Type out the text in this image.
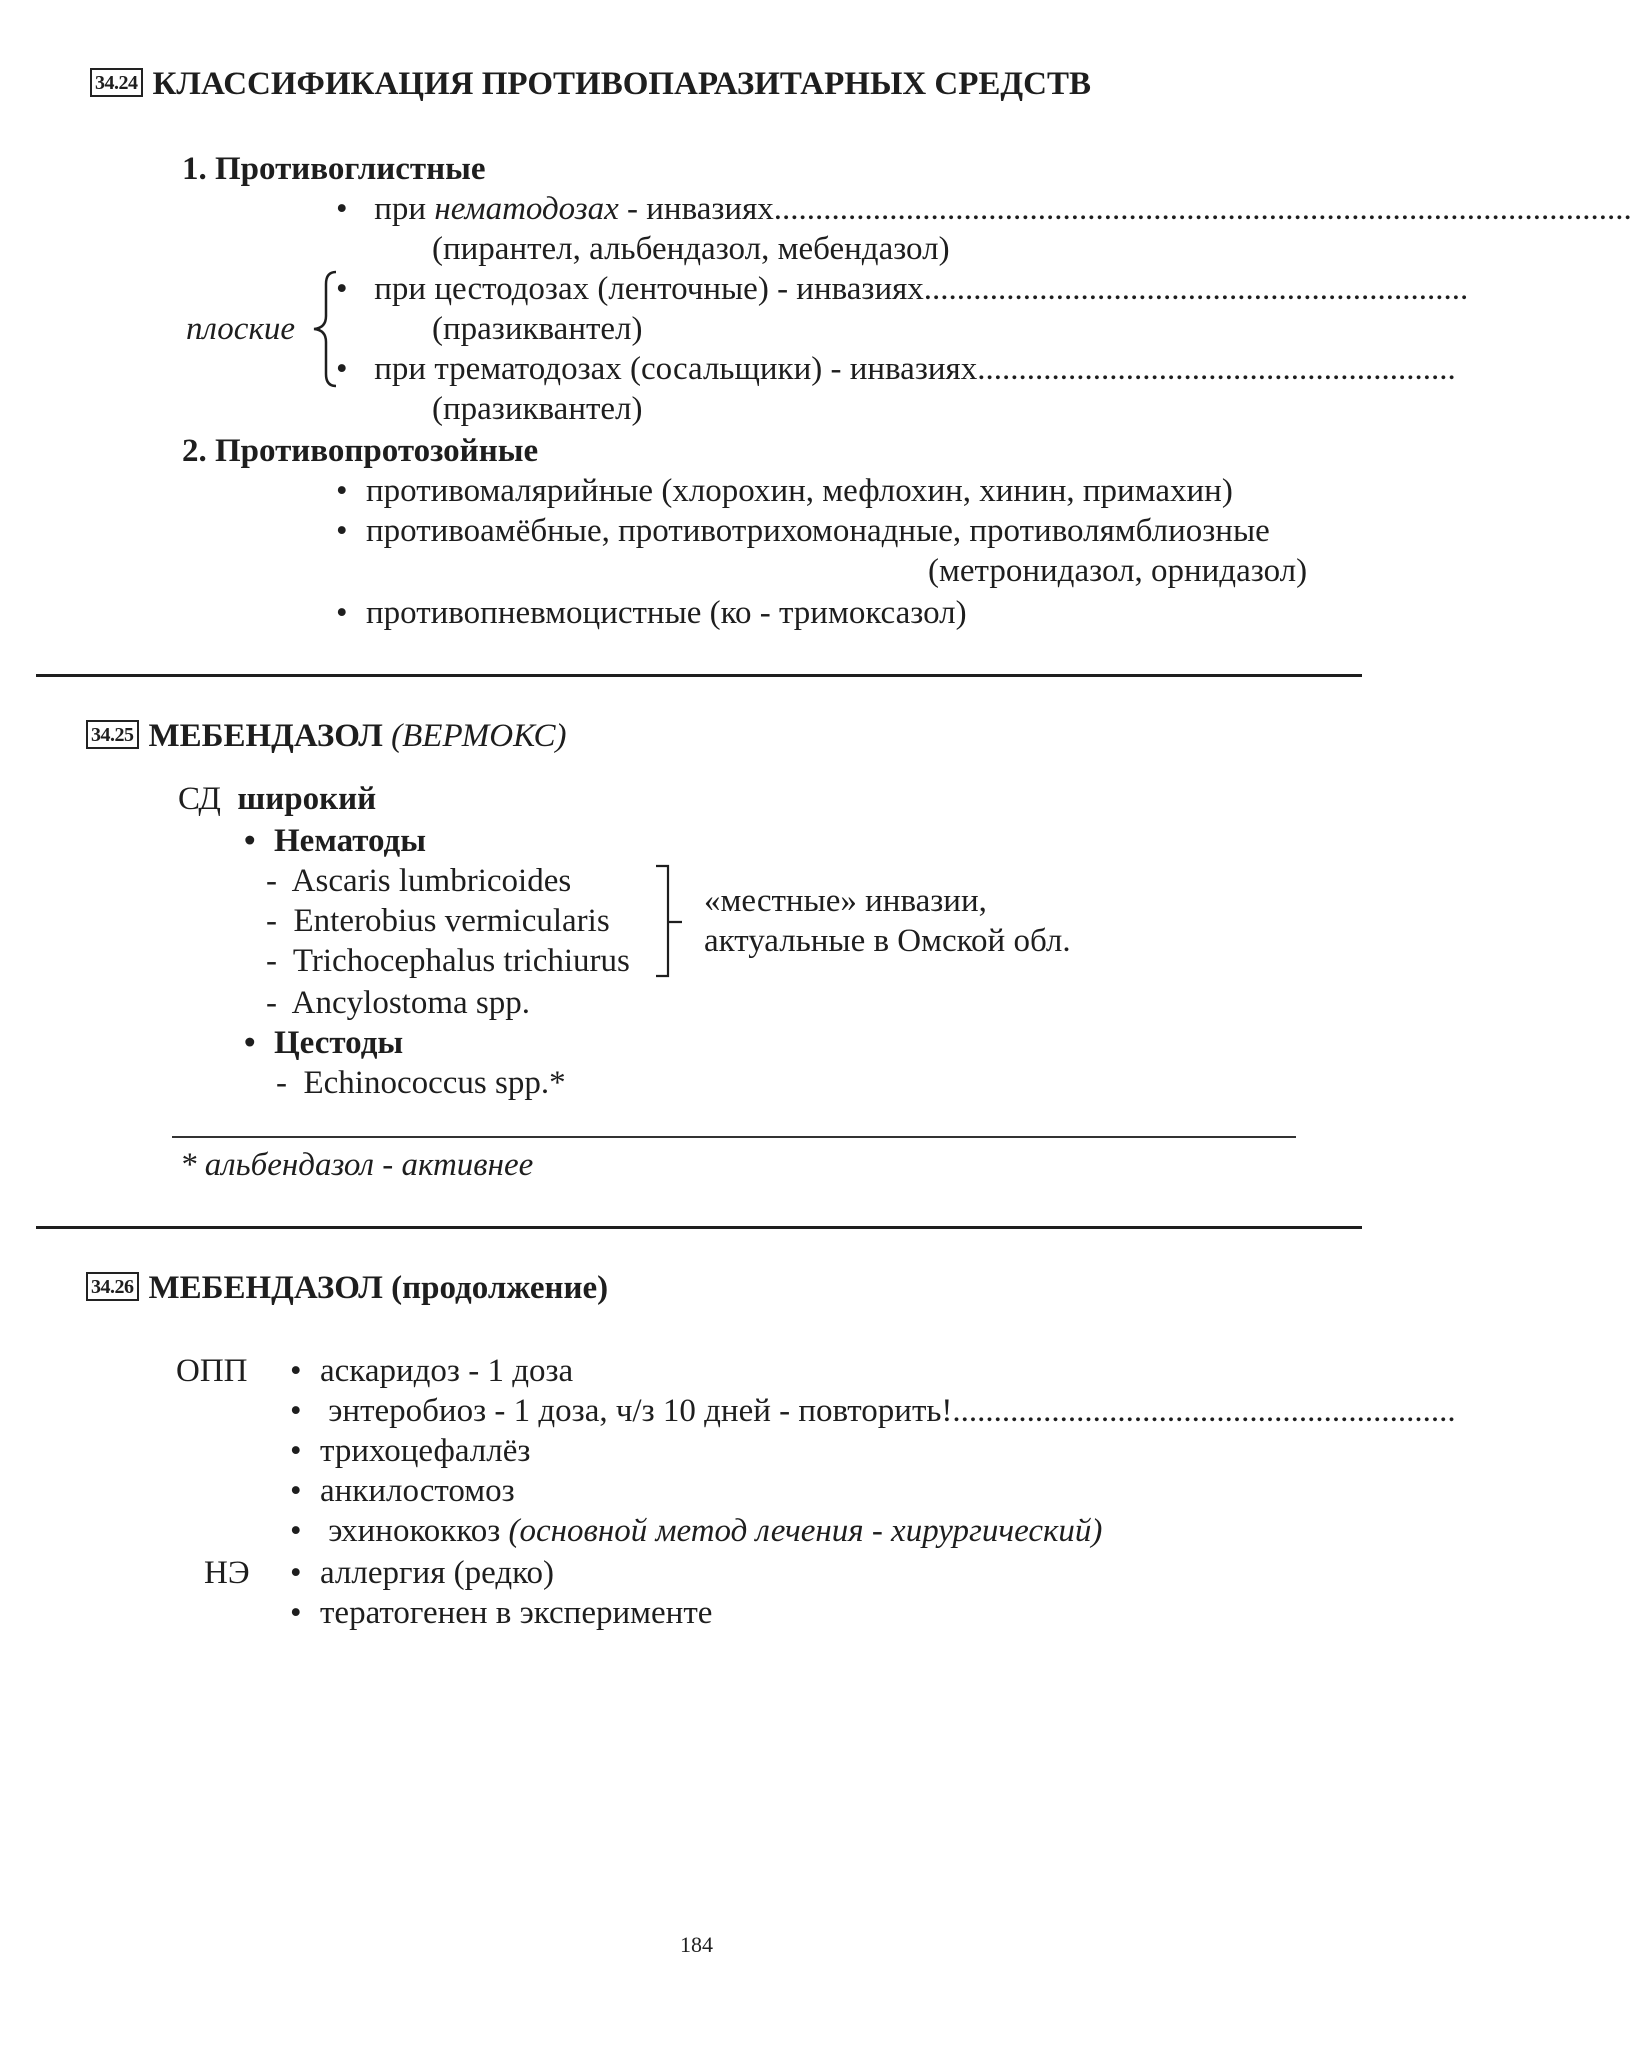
34.24 КЛАССИФИКАЦИЯ ПРОТИВОПАРАЗИТАРНЫХ СРЕДСТВ
1. Противоглистные
• при нематодозах - инвазиях........................................................................................................
(пирантел, альбендазол, мебендазол)
плоские
• при цестодозах (ленточные) - инвазиях..................................................................
(празиквантел)
• при трематодозах (сосальщики) - инвазиях..........................................................
(празиквантел)
2. Противопротозойные
• противомалярийные (хлорохин, мефлохин, хинин, примахин)
• противоамёбные, противотрихомонадные, противолямблиозные
(метронидазол, орнидазол)
• противопневмоцистные (ко - тримоксазол)
34.25 МЕБЕНДАЗОЛ (ВЕРМОКС)
СД широкий
• Нематоды
-  Ascaris lumbricoides
-  Enterobius vermicularis
-  Trichocephalus trichiurus
-  Ancylostoma spp.
«местные» инвазии,
актуальные в Омской обл.
• Цестоды
-  Echinococcus spp.*
* альбендазол - активнее
34.26 МЕБЕНДАЗОЛ (продолжение)
ОПП	• аскаридоз - 1 доза
• энтеробиоз - 1 доза, ч/з 10 дней - повторить!.............................................................
• трихоцефаллёз
• анкилостомоз
• эхинококкоз (основной метод лечения - хирургический)
НЭ	• аллергия (редко)
• тератогенен в эксперименте
184
